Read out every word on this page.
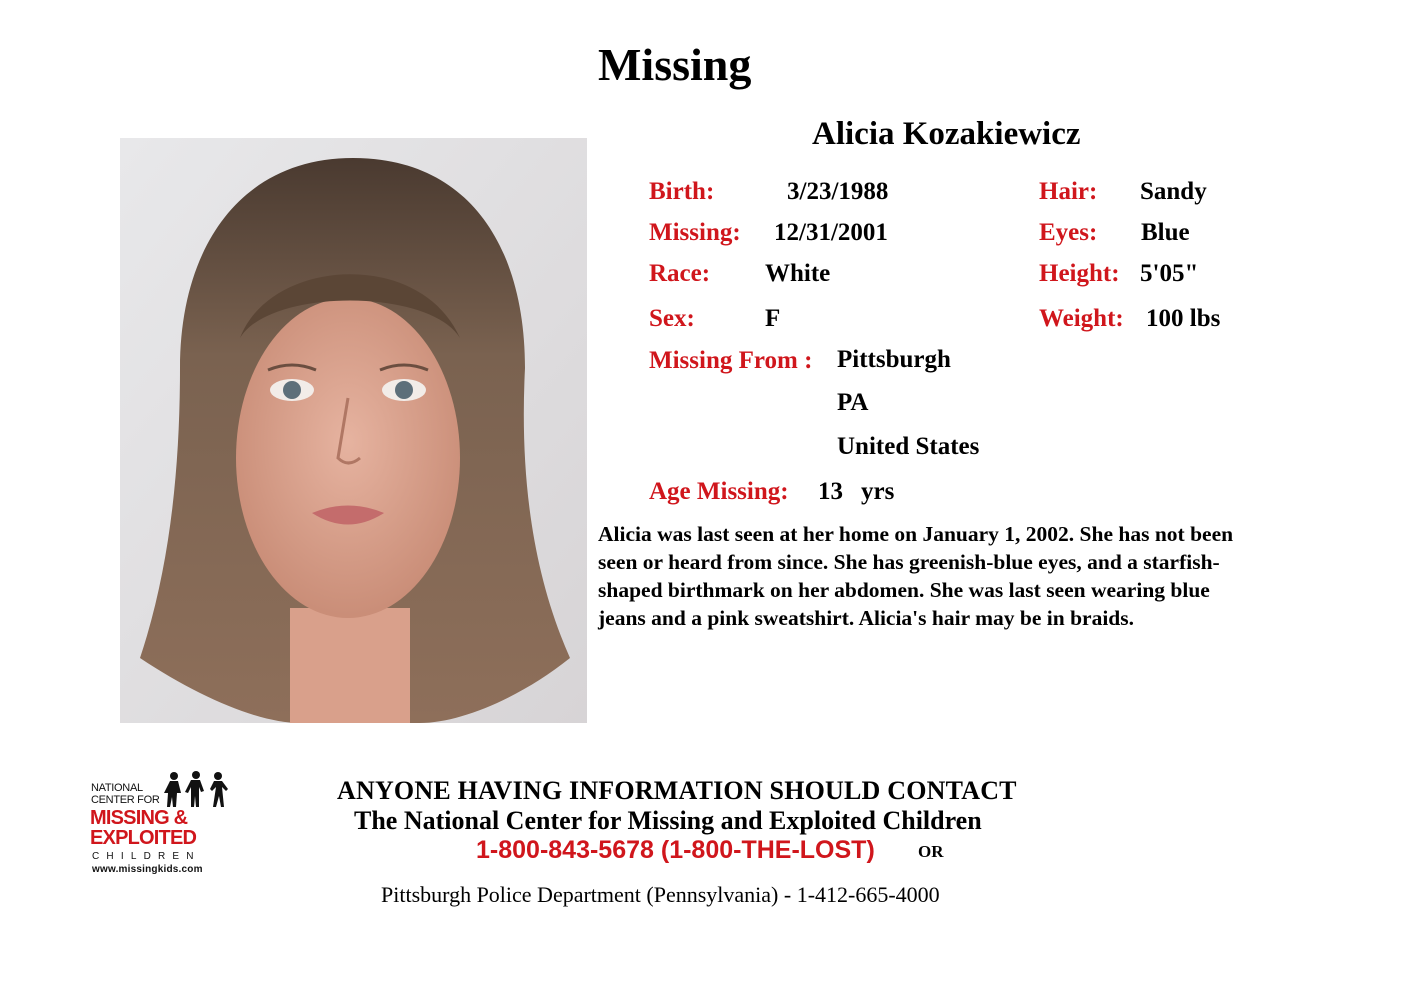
Missing
Alicia Kozakiewicz
Birth:	3/23/1988
Missing: 12/31/2001
Race: White
Sex:	F
Missing From : Pittsburgh
PA
United States
Age Missing: 13 yrs
Hair: Sandy
Eyes: Blue
Height: 5'05"
Weight: 100 lbs
Alicia was last seen at her home on January 1, 2002. She has not been seen or heard from since. She has greenish-blue eyes, and a starfish-shaped birthmark on her abdomen. She was last seen wearing blue jeans and a pink sweatshirt. Alicia's hair may be in braids.
NATIONAL
CENTER FOR
MISSING &
EXPLOITED
CHILDREN
www.missingkids.com
ANYONE HAVING INFORMATION SHOULD CONTACT
The National Center for Missing and Exploited Children
1-800-843-5678 (1-800-THE-LOST)	OR
Pittsburgh Police Department (Pennsylvania) - 1-412-665-4000
